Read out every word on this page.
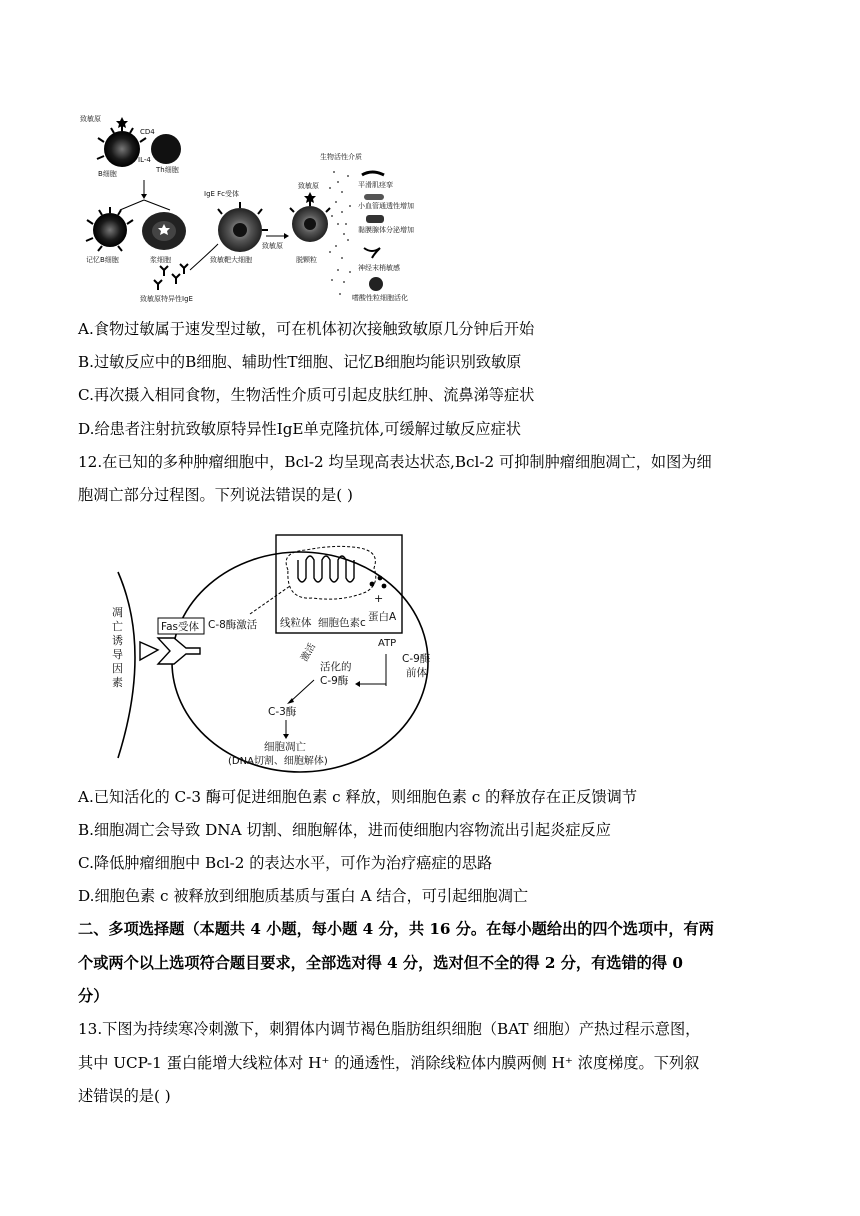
致敏原
CD4
IL-4
B细胞	Th细胞
记忆B细胞	浆细胞
致敏原特异性IgE
IgE Fc受体
致敏靶大细胞
致敏原
致敏原
脱颗粒
生物活性介质
平滑肌痉挛
小血管通透性增加
黏膜腺体分泌增加
神经末梢敏感
嗜酸性粒细胞活化
A.食物过敏属于速发型过敏，可在机体初次接触致敏原几分钟后开始
B.过敏反应中的B细胞、辅助性T细胞、记忆B细胞均能识别致敏原
C.再次摄入相同食物，生物活性介质可引起皮肤红肿、流鼻涕等症状
D.给患者注射抗致敏原特异性IgE单克隆抗体,可缓解过敏反应症状
12.在已知的多种肿瘤细胞中，Bcl-2 均呈现高表达状态,Bcl-2 可抑制肿瘤细胞凋亡，如图为细
胞凋亡部分过程图。下列说法错误的是( )
凋亡诱导因素
Fas受体 C-8酶激活 线粒体 细胞色素c
+
蛋白A
ATP
C-9酶
前体
活化的
C-9酶
激活
C-3酶
细胞凋亡
(DNA切割、细胞解体)
A.已知活化的 C-3 酶可促进细胞色素 c 释放，则细胞色素 c 的释放存在正反馈调节
B.细胞凋亡会导致 DNA 切割、细胞解体，进而使细胞内容物流出引起炎症反应
C.降低肿瘤细胞中 Bcl-2 的表达水平，可作为治疗癌症的思路
D.细胞色素 c 被释放到细胞质基质与蛋白 A 结合，可引起细胞凋亡
二、多项选择题（本题共 4 小题，每小题 4 分，共 16 分。在每小题给出的四个选项中，有两
个或两个以上选项符合题目要求，全部选对得 4 分，选对但不全的得 2 分，有选错的得 0
分）
13.下图为持续寒冷刺激下，刺猬体内调节褐色脂肪组织细胞（BAT 细胞）产热过程示意图，
其中 UCP-1 蛋白能增大线粒体对 H⁺ 的通透性，消除线粒体内膜两侧 H⁺ 浓度梯度。下列叙
述错误的是( )
